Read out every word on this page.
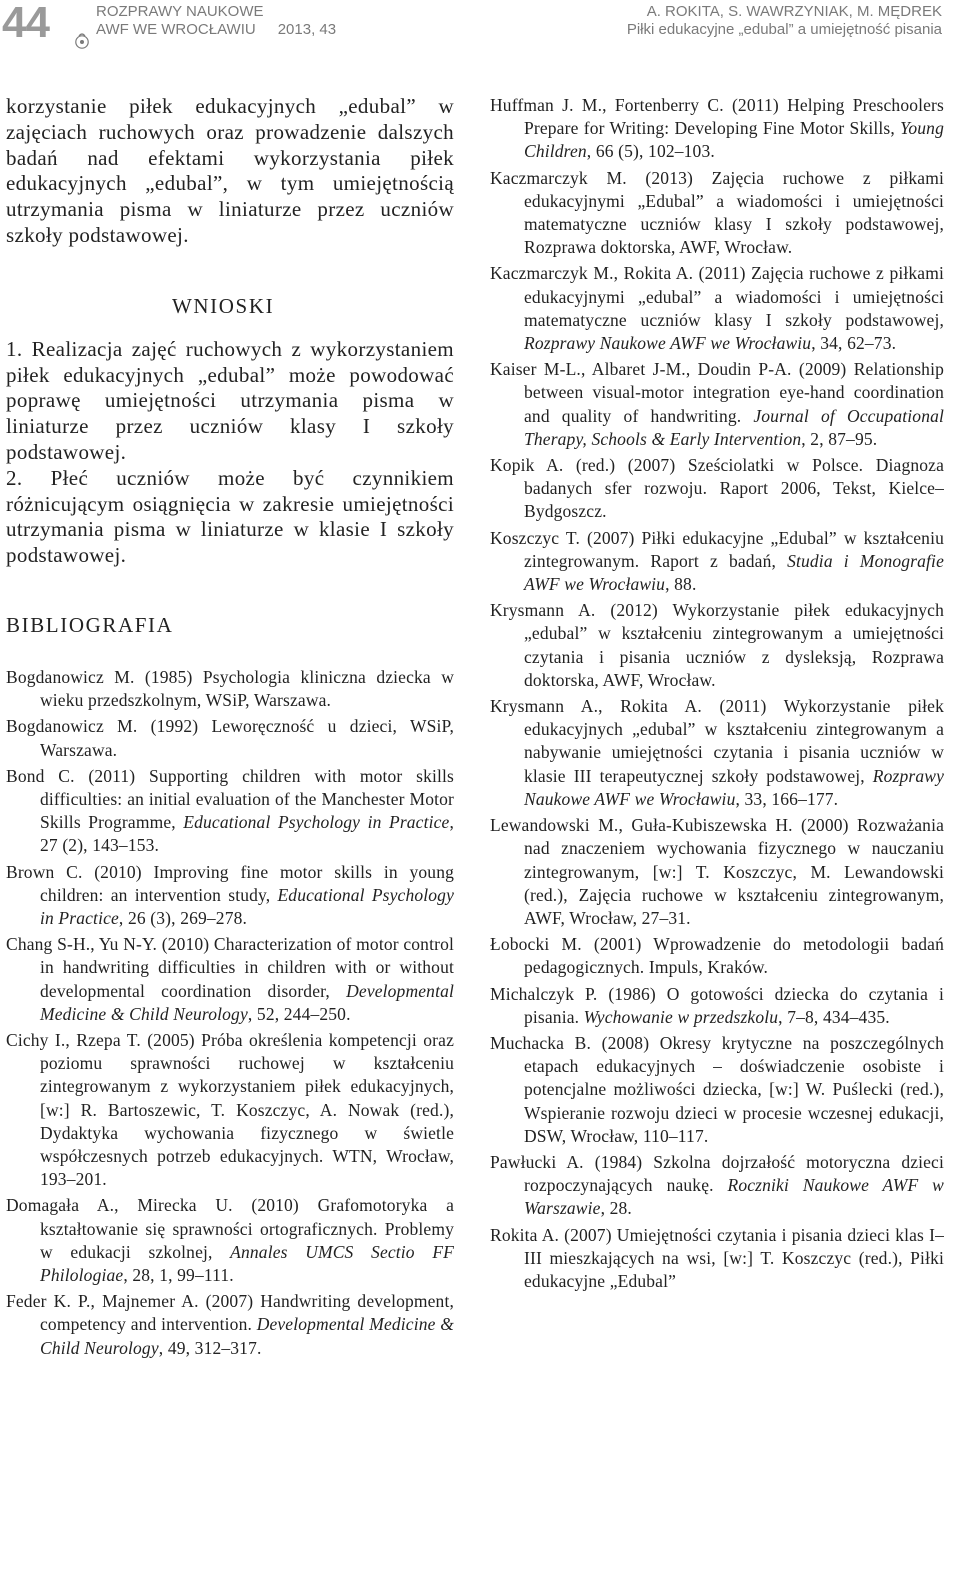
44	ROZPRAWY NAUKOWE
AWF WE WROCŁAWIU 2013, 43
A. ROKITA, S. WAWRZYNIAK, M. MĘDREK
Piłki edukacyjne „edubal” a umiejętność pisania

korzystanie piłek edukacyjnych „edubal” w zajęciach ruchowych oraz prowadzenie dalszych badań nad efektami wykorzystania piłek edukacyjnych „edubal”, w tym umiejętnością utrzymania pisma w liniaturze przez uczniów szkoły podstawowej.

WNIOSKI

1. Realizacja zajęć ruchowych z wykorzystaniem piłek edukacyjnych „edubal” może powodować poprawę umiejętności utrzymania pisma w liniaturze przez uczniów klasy I szkoły podstawowej.

2. Płeć uczniów może być czynnikiem różnicującym osiągnięcia w zakresie umiejętności utrzymania pisma w liniaturze w klasie I szkoły podstawowej.

BIBLIOGRAFIA
Bogdanowicz M. (1985) Psychologia kliniczna dziecka w wieku przedszkolnym, WSiP, Warszawa.
Bogdanowicz M. (1992) Leworęczność u dzieci, WSiP, Warszawa.
Bond C. (2011) Supporting children with motor skills difficulties: an initial evaluation of the Manchester Motor Skills Programme, Educational Psychology in Practice, 27 (2), 143–153.
Brown C. (2010) Improving fine motor skills in young children: an intervention study, Educational Psychology in Practice, 26 (3), 269–278.
Chang S-H., Yu N-Y. (2010) Characterization of motor control in handwriting difficulties in children with or without developmental coordination disorder, Developmental Medicine & Child Neurology, 52, 244–250.
Cichy I., Rzepa T. (2005) Próba określenia kompetencji oraz poziomu sprawności ruchowej w kształceniu zintegrowanym z wykorzystaniem piłek edukacyjnych, [w:] R. Bartoszewic, T. Koszczyc, A. Nowak (red.), Dydaktyka wychowania fizycznego w świetle współczesnych potrzeb edukacyjnych. WTN, Wrocław, 193–201.
Domagała A., Mirecka U. (2010) Grafomotoryka a kształtowanie się sprawności ortograficznych. Problemy w edukacji szkolnej, Annales UMCS Sectio FF Philologiae, 28, 1, 99–111.
Feder K. P., Majnemer A. (2007) Handwriting development, competency and intervention. Developmental Medicine & Child Neurology, 49, 312–317.
Huffman J. M., Fortenberry C. (2011) Helping Preschoolers Prepare for Writing: Developing Fine Motor Skills, Young Children, 66 (5), 102–103.
Kaczmarczyk M. (2013) Zajęcia ruchowe z piłkami edukacyjnymi „Edubal” a wiadomości i umiejętności matematyczne uczniów klasy I szkoły podstawowej, Rozprawa doktorska, AWF, Wrocław.
Kaczmarczyk M., Rokita A. (2011) Zajęcia ruchowe z piłkami edukacyjnymi „edubal” a wiadomości i umiejętności matematyczne uczniów klasy I szkoły podstawowej, Rozprawy Naukowe AWF we Wrocławiu, 34, 62–73.
Kaiser M-L., Albaret J-M., Doudin P-A. (2009) Relationship between visual-motor integration eye-hand coordination and quality of handwriting. Journal of Occupational Therapy, Schools & Early Intervention, 2, 87–95.
Kopik A. (red.) (2007) Sześciolatki w Polsce. Diagnoza badanych sfer rozwoju. Raport 2006, Tekst, Kielce–Bydgoszcz.
Koszczyc T. (2007) Piłki edukacyjne „Edubal” w kształceniu zintegrowanym. Raport z badań, Studia i Monografie AWF we Wrocławiu, 88.
Krysmann A. (2012) Wykorzystanie piłek edukacyjnych „edubal” w kształceniu zintegrowanym a umiejętności czytania i pisania uczniów z dysleksją, Rozprawa doktorska, AWF, Wrocław.
Krysmann A., Rokita A. (2011) Wykorzystanie piłek edukacyjnych „edubal” w kształceniu zintegrowanym a nabywanie umiejętności czytania i pisania uczniów w klasie III terapeutycznej szkoły podstawowej, Rozprawy Naukowe AWF we Wrocławiu, 33, 166–177.
Lewandowski M., Guła-Kubiszewska H. (2000) Rozważania nad znaczeniem wychowania fizycznego w nauczaniu zintegrowanym, [w:] T. Koszczyc, M. Lewandowski (red.), Zajęcia ruchowe w kształceniu zintegrowanym, AWF, Wrocław, 27–31.
Łobocki M. (2001) Wprowadzenie do metodologii badań pedagogicznych. Impuls, Kraków.
Michalczyk P. (1986) O gotowości dziecka do czytania i pisania. Wychowanie w przedszkolu, 7–8, 434–435.
Muchacka B. (2008) Okresy krytyczne na poszczególnych etapach edukacyjnych – doświadczenie osobiste i potencjalne możliwości dziecka, [w:] W. Puślecki (red.), Wspieranie rozwoju dzieci w procesie wczesnej edukacji, DSW, Wrocław, 110–117.
Pawłucki A. (1984) Szkolna dojrzałość motoryczna dzieci rozpoczynających naukę. Roczniki Naukowe AWF w Warszawie, 28.
Rokita A. (2007) Umiejętności czytania i pisania dzieci klas I–III mieszkających na wsi, [w:] T. Koszczyc (red.), Piłki edukacyjne „Edubal”
